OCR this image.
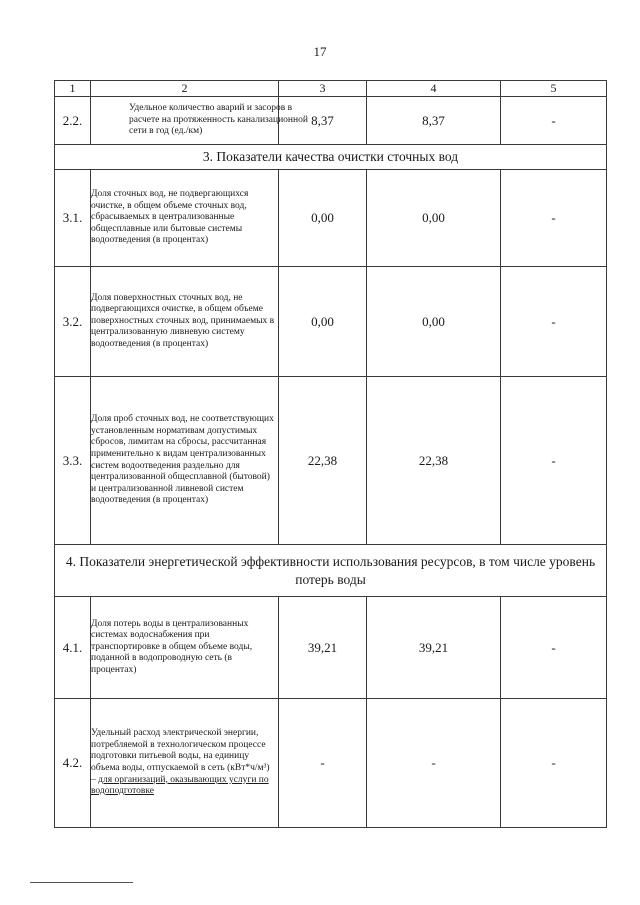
17
1	2	3	4	5
2.2.	Удельное количество аварий и засоров в расчете на протяженность канализационной сети в год (ед./км)	8,37	8,37	-
3. Показатели качества очистки сточных вод				
3.1.	Доля сточных вод, не подвергающихся очистке, в общем объеме сточных вод, сбрасываемых в централизованные общесплавные или бытовые системы водоотведения (в процентах)	0,00	0,00	-
3.2.	Доля поверхностных сточных вод, не подвергающихся очистке, в общем объеме поверхностных сточных вод, принимаемых в централизованную ливневую систему водоотведения (в процентах)	0,00	0,00	-
3.3.	Доля проб сточных вод, не соответствующих установленным нормативам допустимых сбросов, лимитам на сбросы, рассчитанная применительно к видам централизованных систем водоотведения раздельно для централизованной общесплавной (бытовой) и централизованной ливневой систем водоотведения (в процентах)	22,38	22,38	-
4. Показатели энергетической эффективности использования ресурсов, в том числе уровень потерь воды				
4.1.	Доля потерь воды в централизованных системах водоснабжения при транспортировке в общем объеме воды, поданной в водопроводную сеть (в процентах)	39,21	39,21	-
4.2.	Удельный расход электрической энергии, потребляемой в технологическом процессе подготовки питьевой воды, на единицу объема воды, отпускаемой в сеть (кВт*ч/м³) – для организаций, оказывающих услуги по водоподготовке	-	-	-
